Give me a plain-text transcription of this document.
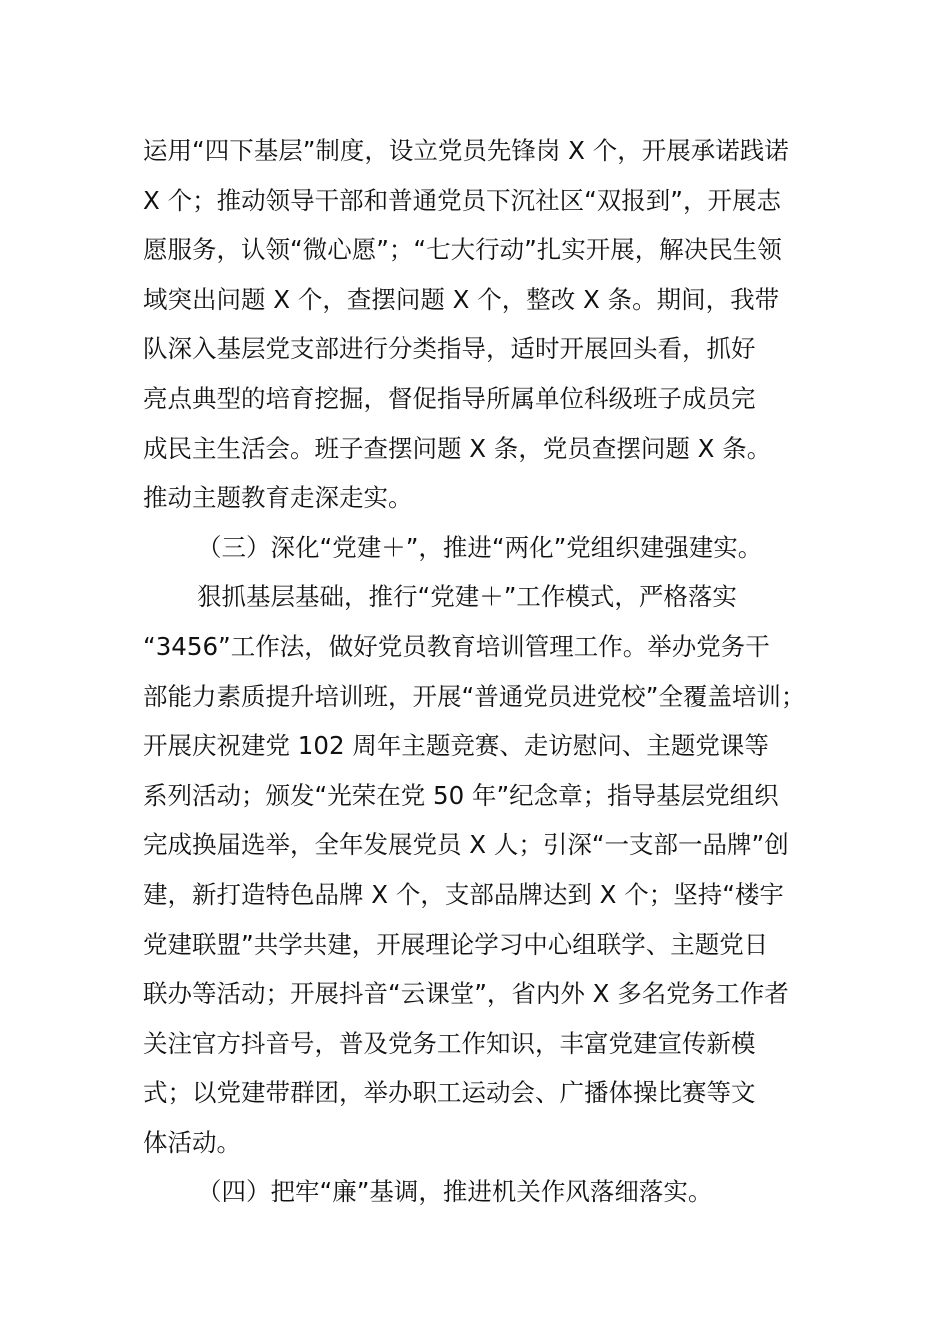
运用“四下基层”制度，设立党员先锋岗 X 个，开展承诺践诺
X 个；推动领导干部和普通党员下沉社区“双报到”，开展志
愿服务，认领“微心愿”；“七大行动”扎实开展，解决民生领
域突出问题 X 个，查摆问题 X 个，整改 X 条。期间，我带
队深入基层党支部进行分类指导，适时开展回头看，抓好
亮点典型的培育挖掘，督促指导所属单位科级班子成员完
成民主生活会。班子查摆问题 X 条，党员查摆问题 X 条。
推动主题教育走深走实。
（三）深化“党建＋”，推进“两化”党组织建强建实。
狠抓基层基础，推行“党建＋”工作模式，严格落实
“3456”工作法，做好党员教育培训管理工作。举办党务干
部能力素质提升培训班，开展“普通党员进党校”全覆盖培训；
开展庆祝建党 102 周年主题竞赛、走访慰问、主题党课等
系列活动；颁发“光荣在党 50 年”纪念章；指导基层党组织
完成换届选举，全年发展党员 X 人；引深“一支部一品牌”创
建，新打造特色品牌 X 个，支部品牌达到 X 个；坚持“楼宇
党建联盟”共学共建，开展理论学习中心组联学、主题党日
联办等活动；开展抖音“云课堂”，省内外 X 多名党务工作者
关注官方抖音号，普及党务工作知识，丰富党建宣传新模
式；以党建带群团，举办职工运动会、广播体操比赛等文
体活动。
（四）把牢“廉”基调，推进机关作风落细落实。
